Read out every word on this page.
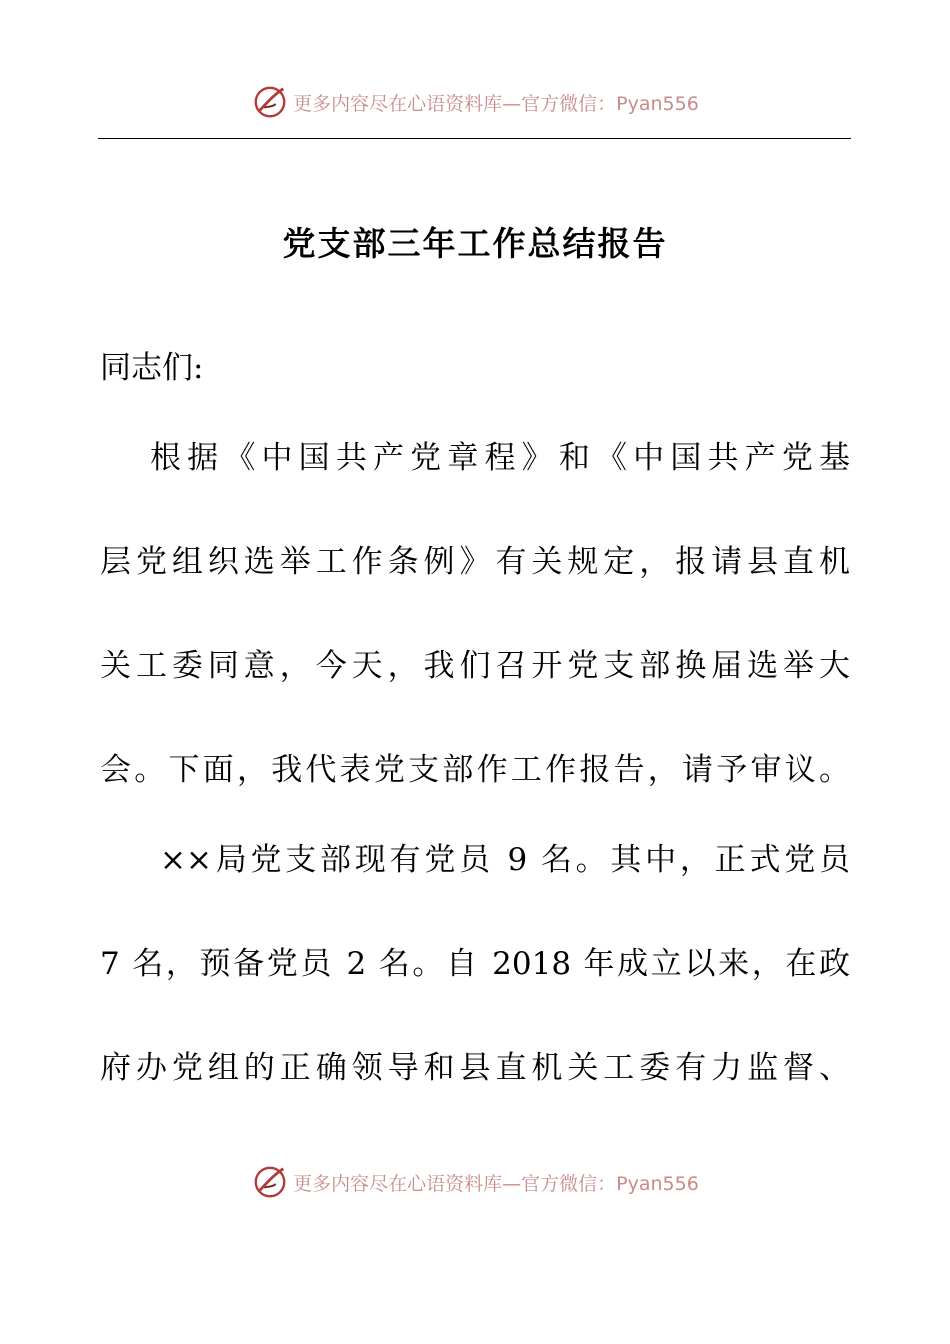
更多内容尽在心语资料库—官方微信：Pyan556
党支部三年工作总结报告
同志们:
根据《中国共产党章程》和《中国共产党基
层党组织选举工作条例》有关规定，报请县直机
关工委同意，今天，我们召开党支部换届选举大
会。下面，我代表党支部作工作报告，请予审议。
××局党支部现有党员 9 名。其中，正式党员
7 名，预备党员 2 名。自 2018 年成立以来，在政
府办党组的正确领导和县直机关工委有力监督、
更多内容尽在心语资料库—官方微信：Pyan556
